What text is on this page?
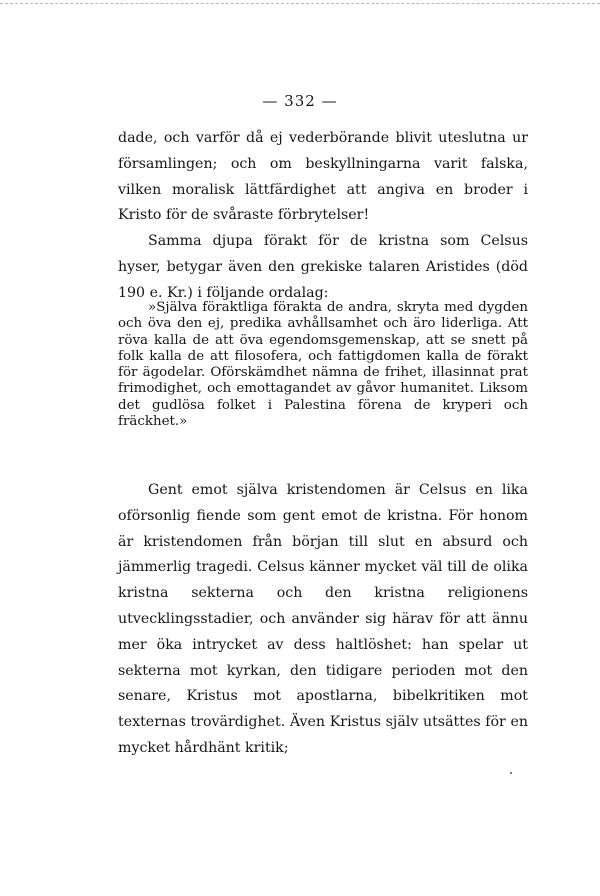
— 332 —

dade, och varför då ej vederbörande blivit uteslutna ur församlingen; och om beskyllningarna varit falska, vilken moralisk lättfärdighet att angiva en broder i Kristo för de svåraste förbrytelser!

Samma djupa förakt för de kristna som Celsus hyser, betygar även den grekiske talaren Aristides (död 190 e. Kr.) i följande ordalag:

»Själva föraktliga förakta de andra, skryta med dygden och öva den ej, predika avhållsamhet och äro liderliga. Att röva kalla de att öva egendomsgemenskap, att se snett på folk kalla de att filosofera, och fattigdomen kalla de förakt för ägodelar. Oförskämdhet nämna de frihet, illasinnat prat frimodighet, och emottagandet av gåvor humanitet. Liksom det gudlösa folket i Palestina förena de kryperi och fräckhet.»

Gent emot själva kristendomen är Celsus en lika oförsonlig fiende som gent emot de kristna. För honom är kristendomen från början till slut en absurd och jämmerlig tragedi. Celsus känner mycket väl till de olika kristna sekterna och den kristna religionens utvecklingsstadier, och använder sig härav för att ännu mer öka intrycket av dess haltlöshet: han spelar ut sekterna mot kyrkan, den tidigare perioden mot den senare, Kristus mot apostlarna, bibelkritiken mot texternas trovärdighet. Även Kristus själv utsättes för en mycket hårdhänt kritik;
